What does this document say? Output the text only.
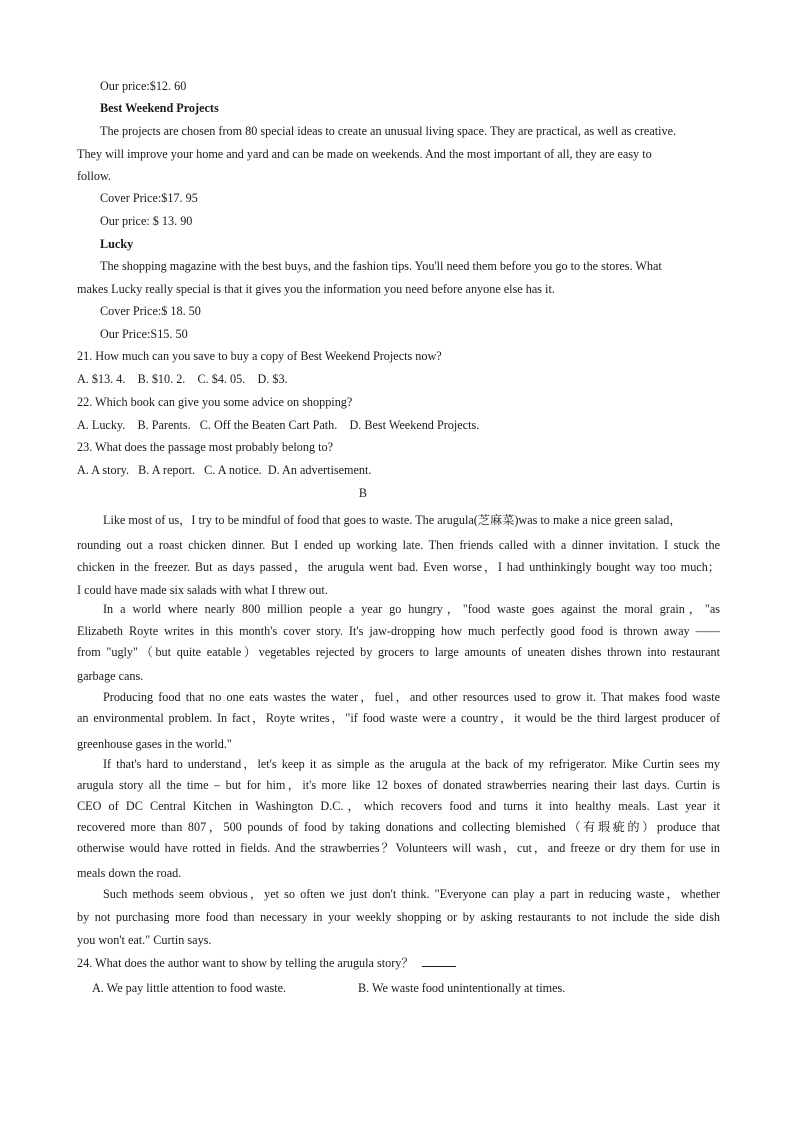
Our price:$12. 60
Best Weekend Projects
The projects are chosen from 80 special ideas to create an unusual living space. They are practical, as well as creative.
They will improve your home and yard and can be made on weekends. And the most important of all, they are easy to
follow.
Cover Price:$17. 95
Our price: $ 13. 90
Lucky
The shopping magazine with the best buys, and the fashion tips. You'll need them before you go to the stores. What
makes Lucky really special is that it gives you the information you need before anyone else has it.
Cover Price:$ 18. 50
Our Price:S15. 50
21. How much can you save to buy a copy of Best Weekend Projects now?
A. $13. 4.    B. $10. 2.    C. $4. 05.    D. $3.
22. Which book can give you some advice on shopping?
A. Lucky.    B. Parents.   C. Off the Beaten Cart Path.    D. Best Weekend Projects.
23. What does the passage most probably belong to?
A. A story.   B. A report.   C. A notice.  D. An advertisement.
B
Like most of us，I try to be mindful of food that goes to waste. The arugula(芝麻菜)was to make a nice green salad，
rounding out a roast chicken dinner. But I ended up working late. Then friends called with a dinner invitation. I stuck the
chicken in the freezer. But as days passed，the arugula went bad. Even worse，I had unthinkingly bought way too much；
I could have made six salads with what I threw out.
In a world where nearly 800 million people a year go hungry，"food waste goes against the moral grain，"as
Elizabeth Royte writes in this month's cover story. It's jaw-dropping how much perfectly good food is thrown away ——
from "ugly"（but quite eatable）vegetables rejected by grocers to large amounts of uneaten dishes thrown into restaurant
garbage cans.
Producing food that no one eats wastes the water，fuel，and other resources used to grow it. That makes food waste
an environmental problem. In fact，Royte writes，"if food waste were a country，it would be the third largest producer of
greenhouse gases in the world."
If that's hard to understand，let's keep it as simple as the arugula at the back of my refrigerator. Mike Curtin sees my
arugula story all the time – but for him，it's more like 12 boxes of donated strawberries nearing their last days. Curtin is
CEO of DC Central Kitchen in Washington D.C.，which recovers food and turns it into healthy meals. Last year it
recovered more than 807，500 pounds of food by taking donations and collecting blemished（有瑕疵的）produce that
otherwise would have rotted in fields. And the strawberries？Volunteers will wash，cut，and freeze or dry them for use in
meals down the road.
Such methods seem obvious，yet so often we just don't think. "Everyone can play a part in reducing waste，whether
by not purchasing more food than necessary in your weekly shopping or by asking restaurants to not include the side dish
you won't eat." Curtin says.
24. What does the author want to show by telling the arugula story？
A. We pay little attention to food waste.	B. We waste food unintentionally at times.
